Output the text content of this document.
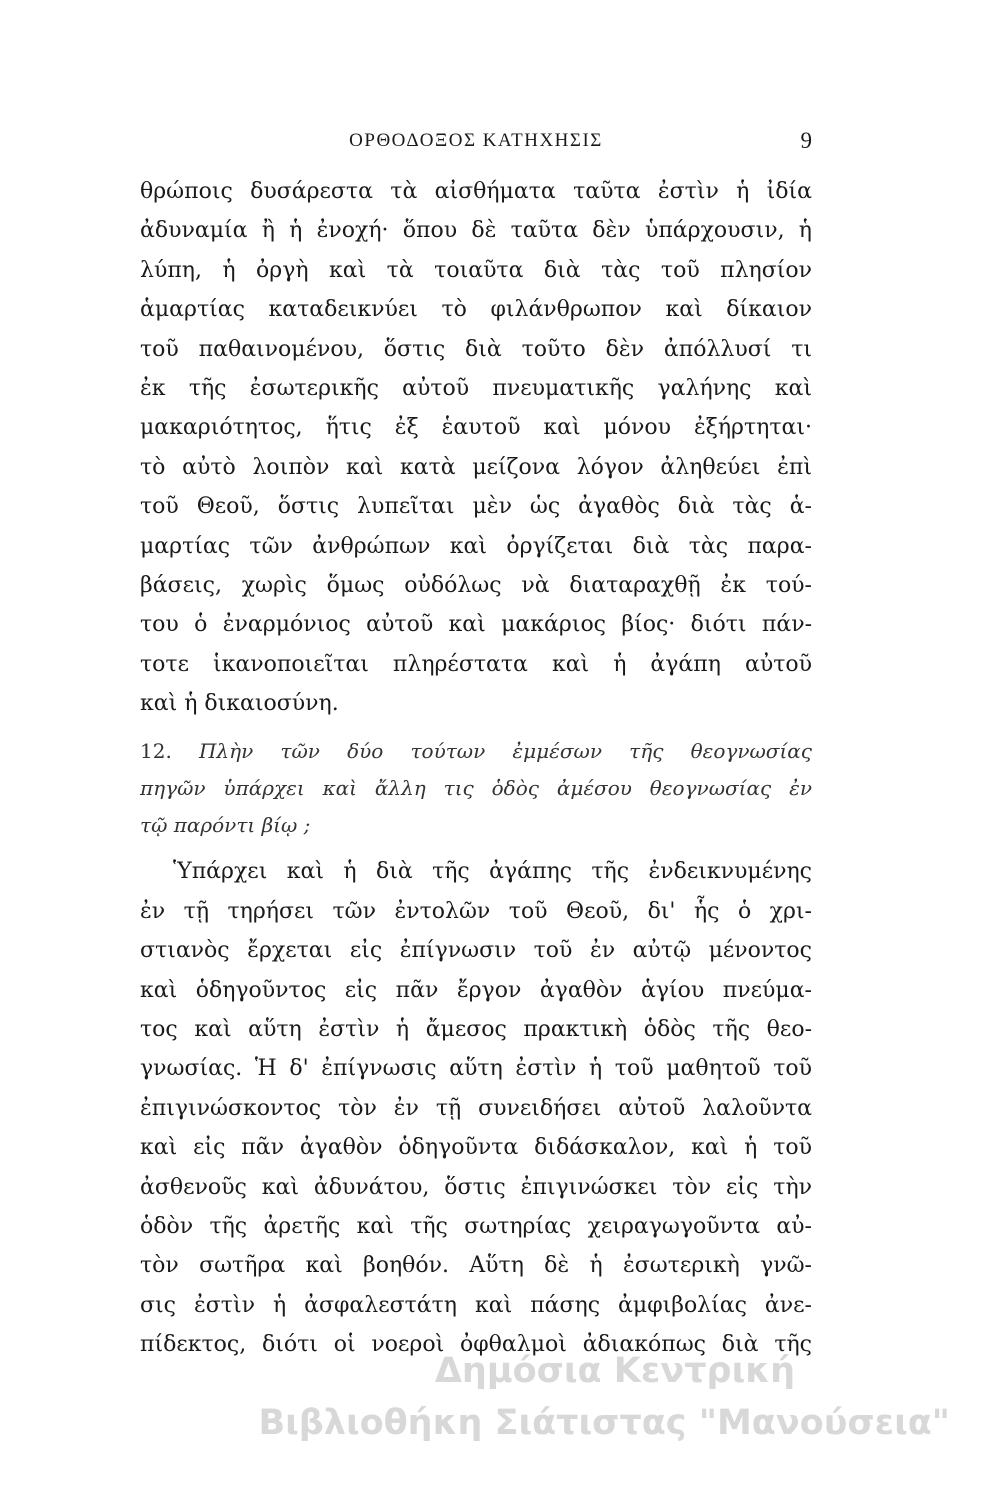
ΟΡΘΟΔΟΞΟΣ ΚΑΤΗΧΗΣΙΣ	9
θρώποις δυσάρεστα τὰ αἰσθήματα ταῦτα ἐστὶν ἡ ἰδία
ἀδυναμία ἢ ἡ ἐνοχή· ὅπου δὲ ταῦτα δὲν ὑπάρχουσιν, ἡ
λύπη, ἡ ὀργὴ καὶ τὰ τοιαῦτα διὰ τὰς τοῦ πλησίον
ἁμαρτίας καταδεικνύει τὸ φιλάνθρωπον καὶ δίκαιον
τοῦ παθαινομένου, ὅστις διὰ τοῦτο δὲν ἀπόλλυσί τι
ἐκ τῆς ἐσωτερικῆς αὐτοῦ πνευματικῆς γαλήνης καὶ
μακαριότητος, ἥτις ἐξ ἑαυτοῦ καὶ μόνου ἐξήρτηται·
τὸ αὐτὸ λοιπὸν καὶ κατὰ μείζονα λόγον ἀληθεύει ἐπὶ
τοῦ Θεοῦ, ὅστις λυπεῖται μὲν ὡς ἀγαθὸς διὰ τὰς ἁ-
μαρτίας τῶν ἀνθρώπων καὶ ὀργίζεται διὰ τὰς παρα-
βάσεις, χωρὶς ὅμως οὐδόλως νὰ διαταραχθῇ ἐκ τού-
του ὁ ἐναρμόνιος αὐτοῦ καὶ μακάριος βίος· διότι πάν-
τοτε ἱκανοποιεῖται πληρέστατα καὶ ἡ ἀγάπη αὐτοῦ
καὶ ἡ δικαιοσύνη.
12. Πλὴν τῶν δύο τούτων ἐμμέσων τῆς θεογνωσίας
πηγῶν ὑπάρχει καὶ ἄλλη τις ὁδὸς ἀμέσου θεογνωσίας ἐν
τῷ παρόντι βίῳ ;
Ὑπάρχει καὶ ἡ διὰ τῆς ἀγάπης τῆς ἐνδεικνυμένης
ἐν τῇ τηρήσει τῶν ἐντολῶν τοῦ Θεοῦ, δι' ἧς ὁ χρι-
στιανὸς ἔρχεται εἰς ἐπίγνωσιν τοῦ ἐν αὐτῷ μένοντος
καὶ ὁδηγοῦντος εἰς πᾶν ἔργον ἀγαθὸν ἁγίου πνεύμα-
τος καὶ αὕτη ἐστὶν ἡ ἄμεσος πρακτικὴ ὁδὸς τῆς θεο-
γνωσίας. Ἡ δ' ἐπίγνωσις αὕτη ἐστὶν ἡ τοῦ μαθητοῦ τοῦ
ἐπιγινώσκοντος τὸν ἐν τῇ συνειδήσει αὐτοῦ λαλοῦντα
καὶ εἰς πᾶν ἀγαθὸν ὁδηγοῦντα διδάσκαλον, καὶ ἡ τοῦ
ἀσθενοῦς καὶ ἀδυνάτου, ὅστις ἐπιγινώσκει τὸν εἰς τὴν
ὁδὸν τῆς ἀρετῆς καὶ τῆς σωτηρίας χειραγωγοῦντα αὐ-
τὸν σωτῆρα καὶ βοηθόν. Αὕτη δὲ ἡ ἐσωτερικὴ γνῶ-
σις ἐστὶν ἡ ἀσφαλεστάτη καὶ πάσης ἀμφιβολίας ἀνε-
πίδεκτος, διότι οἱ νοεροὶ ὀφθαλμοὶ ἀδιακόπως διὰ τῆς
Δημόσια Κεντρική
Βιβλιοθήκη Σιάτιστας "Μανούσεια"
